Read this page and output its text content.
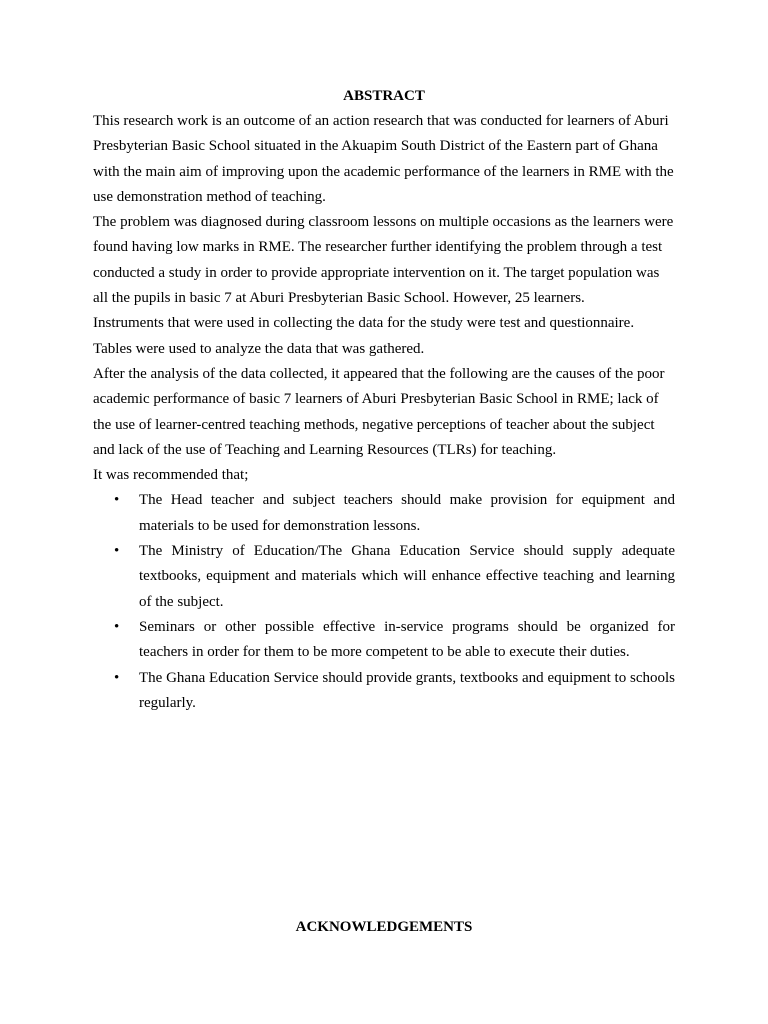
ABSTRACT

This research work is an outcome of an action research that was conducted for learners of Aburi Presbyterian Basic School situated in the Akuapim South District of the Eastern part of Ghana with the main aim of improving upon the academic performance of the learners in RME with the use demonstration method of teaching.

The problem was diagnosed during classroom lessons on multiple occasions as the learners were found having low marks in RME. The researcher further identifying the problem through a test conducted a study in order to provide appropriate intervention on it. The target population was all the pupils in basic 7 at Aburi Presbyterian Basic School. However, 25 learners.

Instruments that were used in collecting the data for the study were test and questionnaire. Tables were used to analyze the data that was gathered.

After the analysis of the data collected, it appeared that the following are the causes of the poor academic performance of basic 7 learners of Aburi Presbyterian Basic School in RME; lack of the use of learner-centred teaching methods, negative perceptions of teacher about the subject and lack of the use of Teaching and Learning Resources (TLRs) for teaching.

It was recommended that;

• The Head teacher and subject teachers should make provision for equipment and materials to be used for demonstration lessons.
• The Ministry of Education/The Ghana Education Service should supply adequate textbooks, equipment and materials which will enhance effective teaching and learning of the subject.
• Seminars or other possible effective in-service programs should be organized for teachers in order for them to be more competent to be able to execute their duties.
• The Ghana Education Service should provide grants, textbooks and equipment to schools regularly.
ACKNOWLEDGEMENTS
